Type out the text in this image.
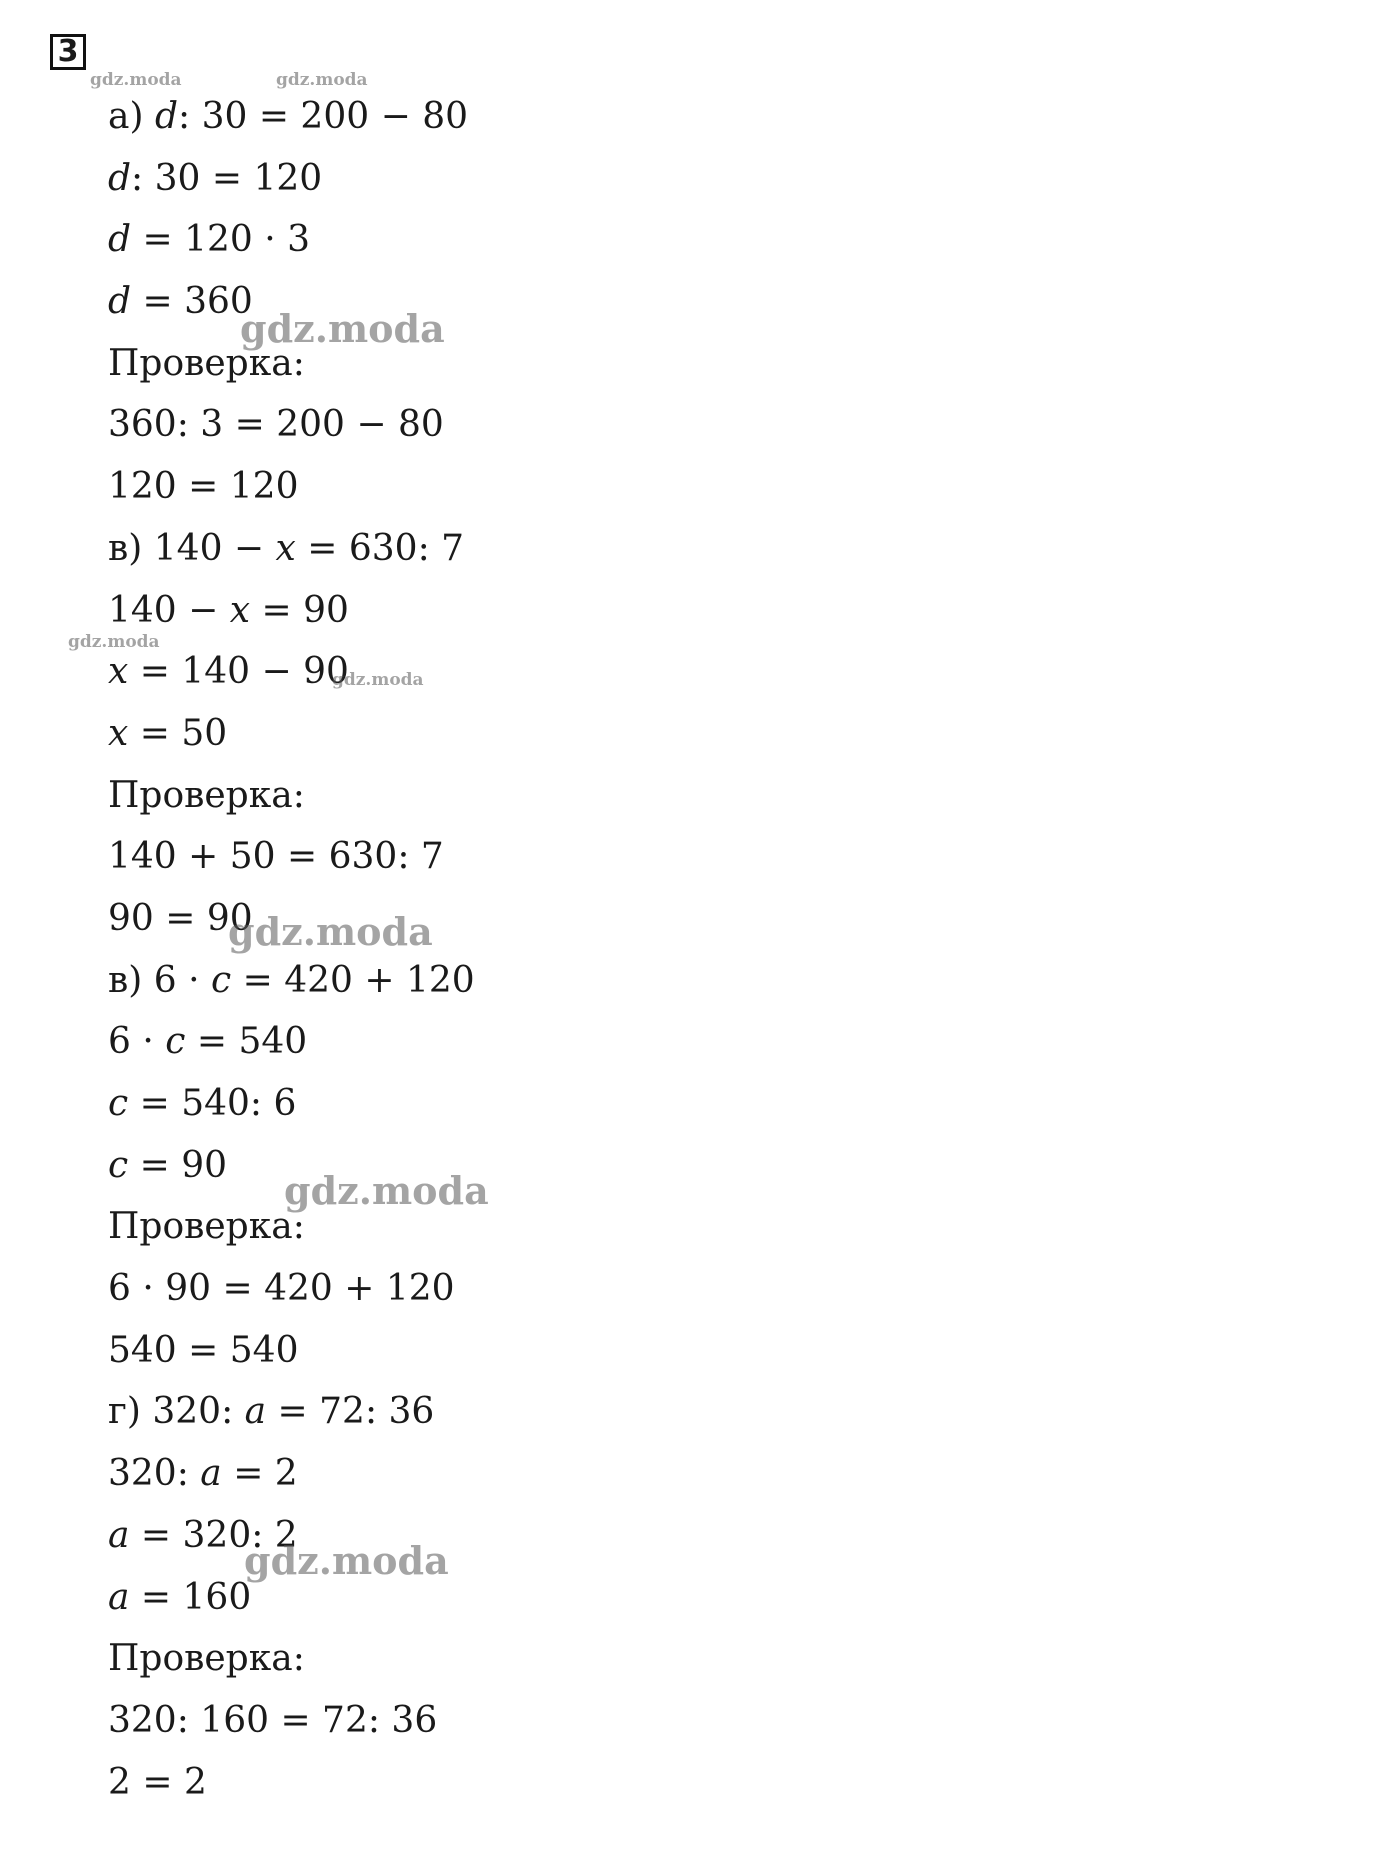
3
а) 𝑑: 30 = 200 − 80
𝑑: 30 = 120
𝑑 = 120 · 3
𝑑 = 360
Проверка:
360: 3 = 200 − 80
120 = 120
в) 140 − 𝑥 = 630: 7
140 − 𝑥 = 90
𝑥 = 140 − 90
𝑥 = 50
Проверка:
140 + 50 = 630: 7
90 = 90
в) 6 · 𝑐 = 420 + 120
6 · 𝑐 = 540
𝑐 = 540: 6
𝑐 = 90
Проверка:
6 · 90 = 420 + 120
540 = 540
г) 320: 𝑎 = 72: 36
320: 𝑎 = 2
𝑎 = 320: 2
𝑎 = 160
Проверка:
320: 160 = 72: 36
2 = 2
gdz.moda	gdz.moda
gdz.moda
gdz.moda
gdz.moda
gdz.moda
gdz.moda
gdz.moda
